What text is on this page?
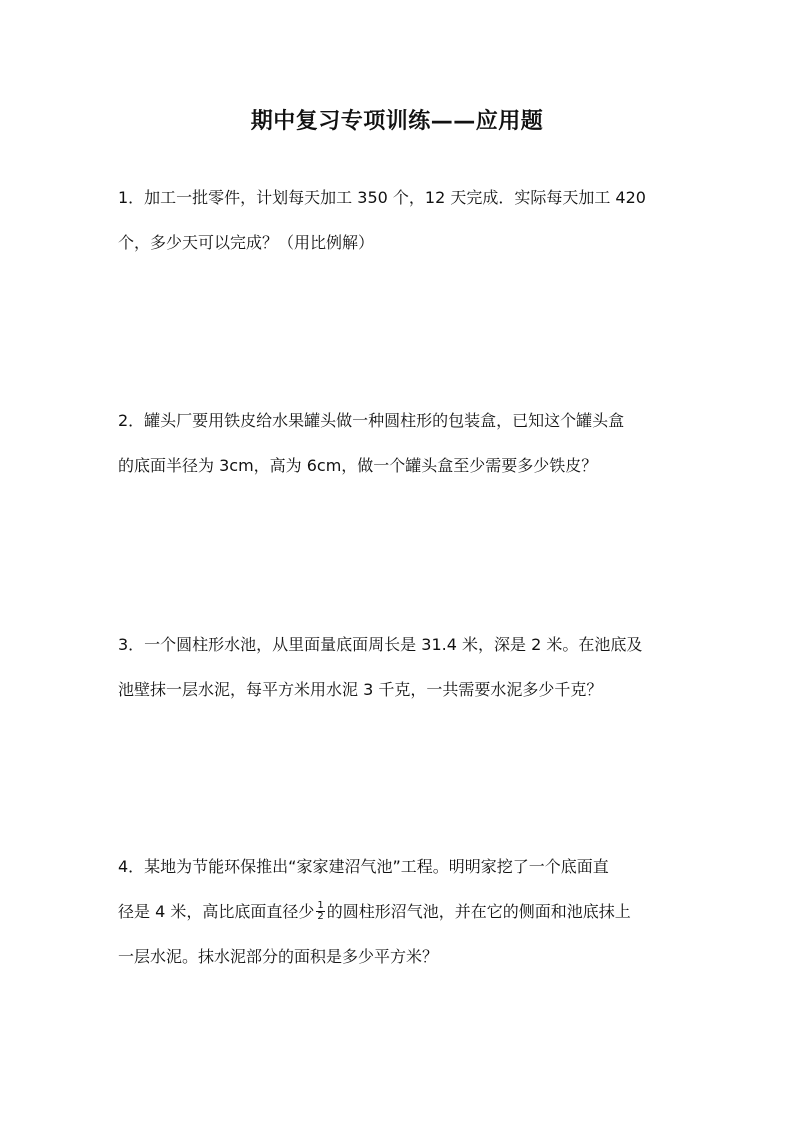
期中复习专项训练——应用题
1．加工一批零件，计划每天加工 350 个，12 天完成．实际每天加工 420
个，多少天可以完成？（用比例解）
2．罐头厂要用铁皮给水果罐头做一种圆柱形的包装盒，已知这个罐头盒
的底面半径为 3cm，高为 6cm，做一个罐头盒至少需要多少铁皮？
3．一个圆柱形水池，从里面量底面周长是 31.4 米，深是 2 米。在池底及
池壁抹一层水泥，每平方米用水泥 3 千克，一共需要水泥多少千克？
4．某地为节能环保推出“家家建沼气池”工程。明明家挖了一个底面直
径是 4 米，高比底面直径少 $\frac{1}{2}$ 的圆柱形沼气池，并在它的侧面和池底抹上
一层水泥。抹水泥部分的面积是多少平方米？
